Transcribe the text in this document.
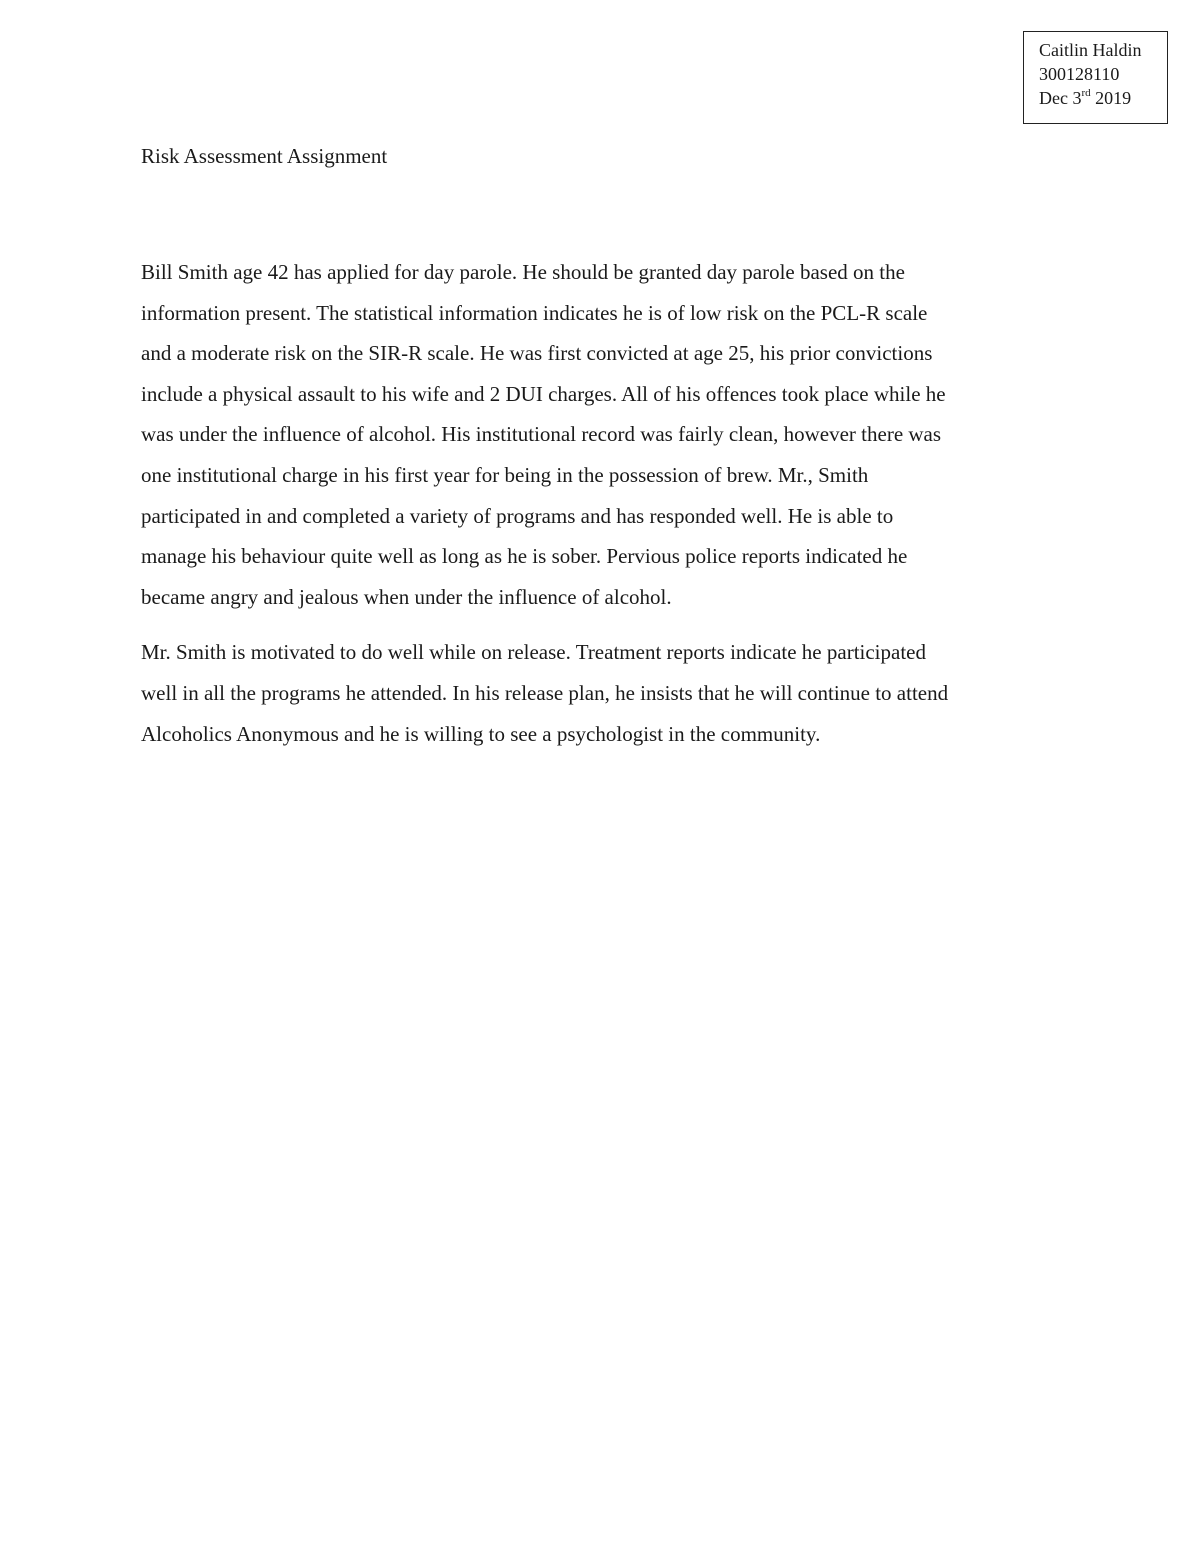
Caitlin Haldin
300128110
Dec 3rd 2019
Risk Assessment Assignment
Bill Smith age 42 has applied for day parole. He should be granted day parole based on the
information present. The statistical information indicates he is of low risk on the PCL-R scale
and a moderate risk on the SIR-R scale. He was first convicted at age 25, his prior convictions
include a physical assault to his wife and 2 DUI charges. All of his offences took place while he
was under the influence of alcohol. His institutional record was fairly clean, however there was
one institutional charge in his first year for being in the possession of brew. Mr., Smith
participated in and completed a variety of programs and has responded well. He is able to
manage his behaviour quite well as long as he is sober. Pervious police reports indicated he
became angry and jealous when under the influence of alcohol.
Mr. Smith is motivated to do well while on release. Treatment reports indicate he participated
well in all the programs he attended. In his release plan, he insists that he will continue to attend
Alcoholics Anonymous and he is willing to see a psychologist in the community.
